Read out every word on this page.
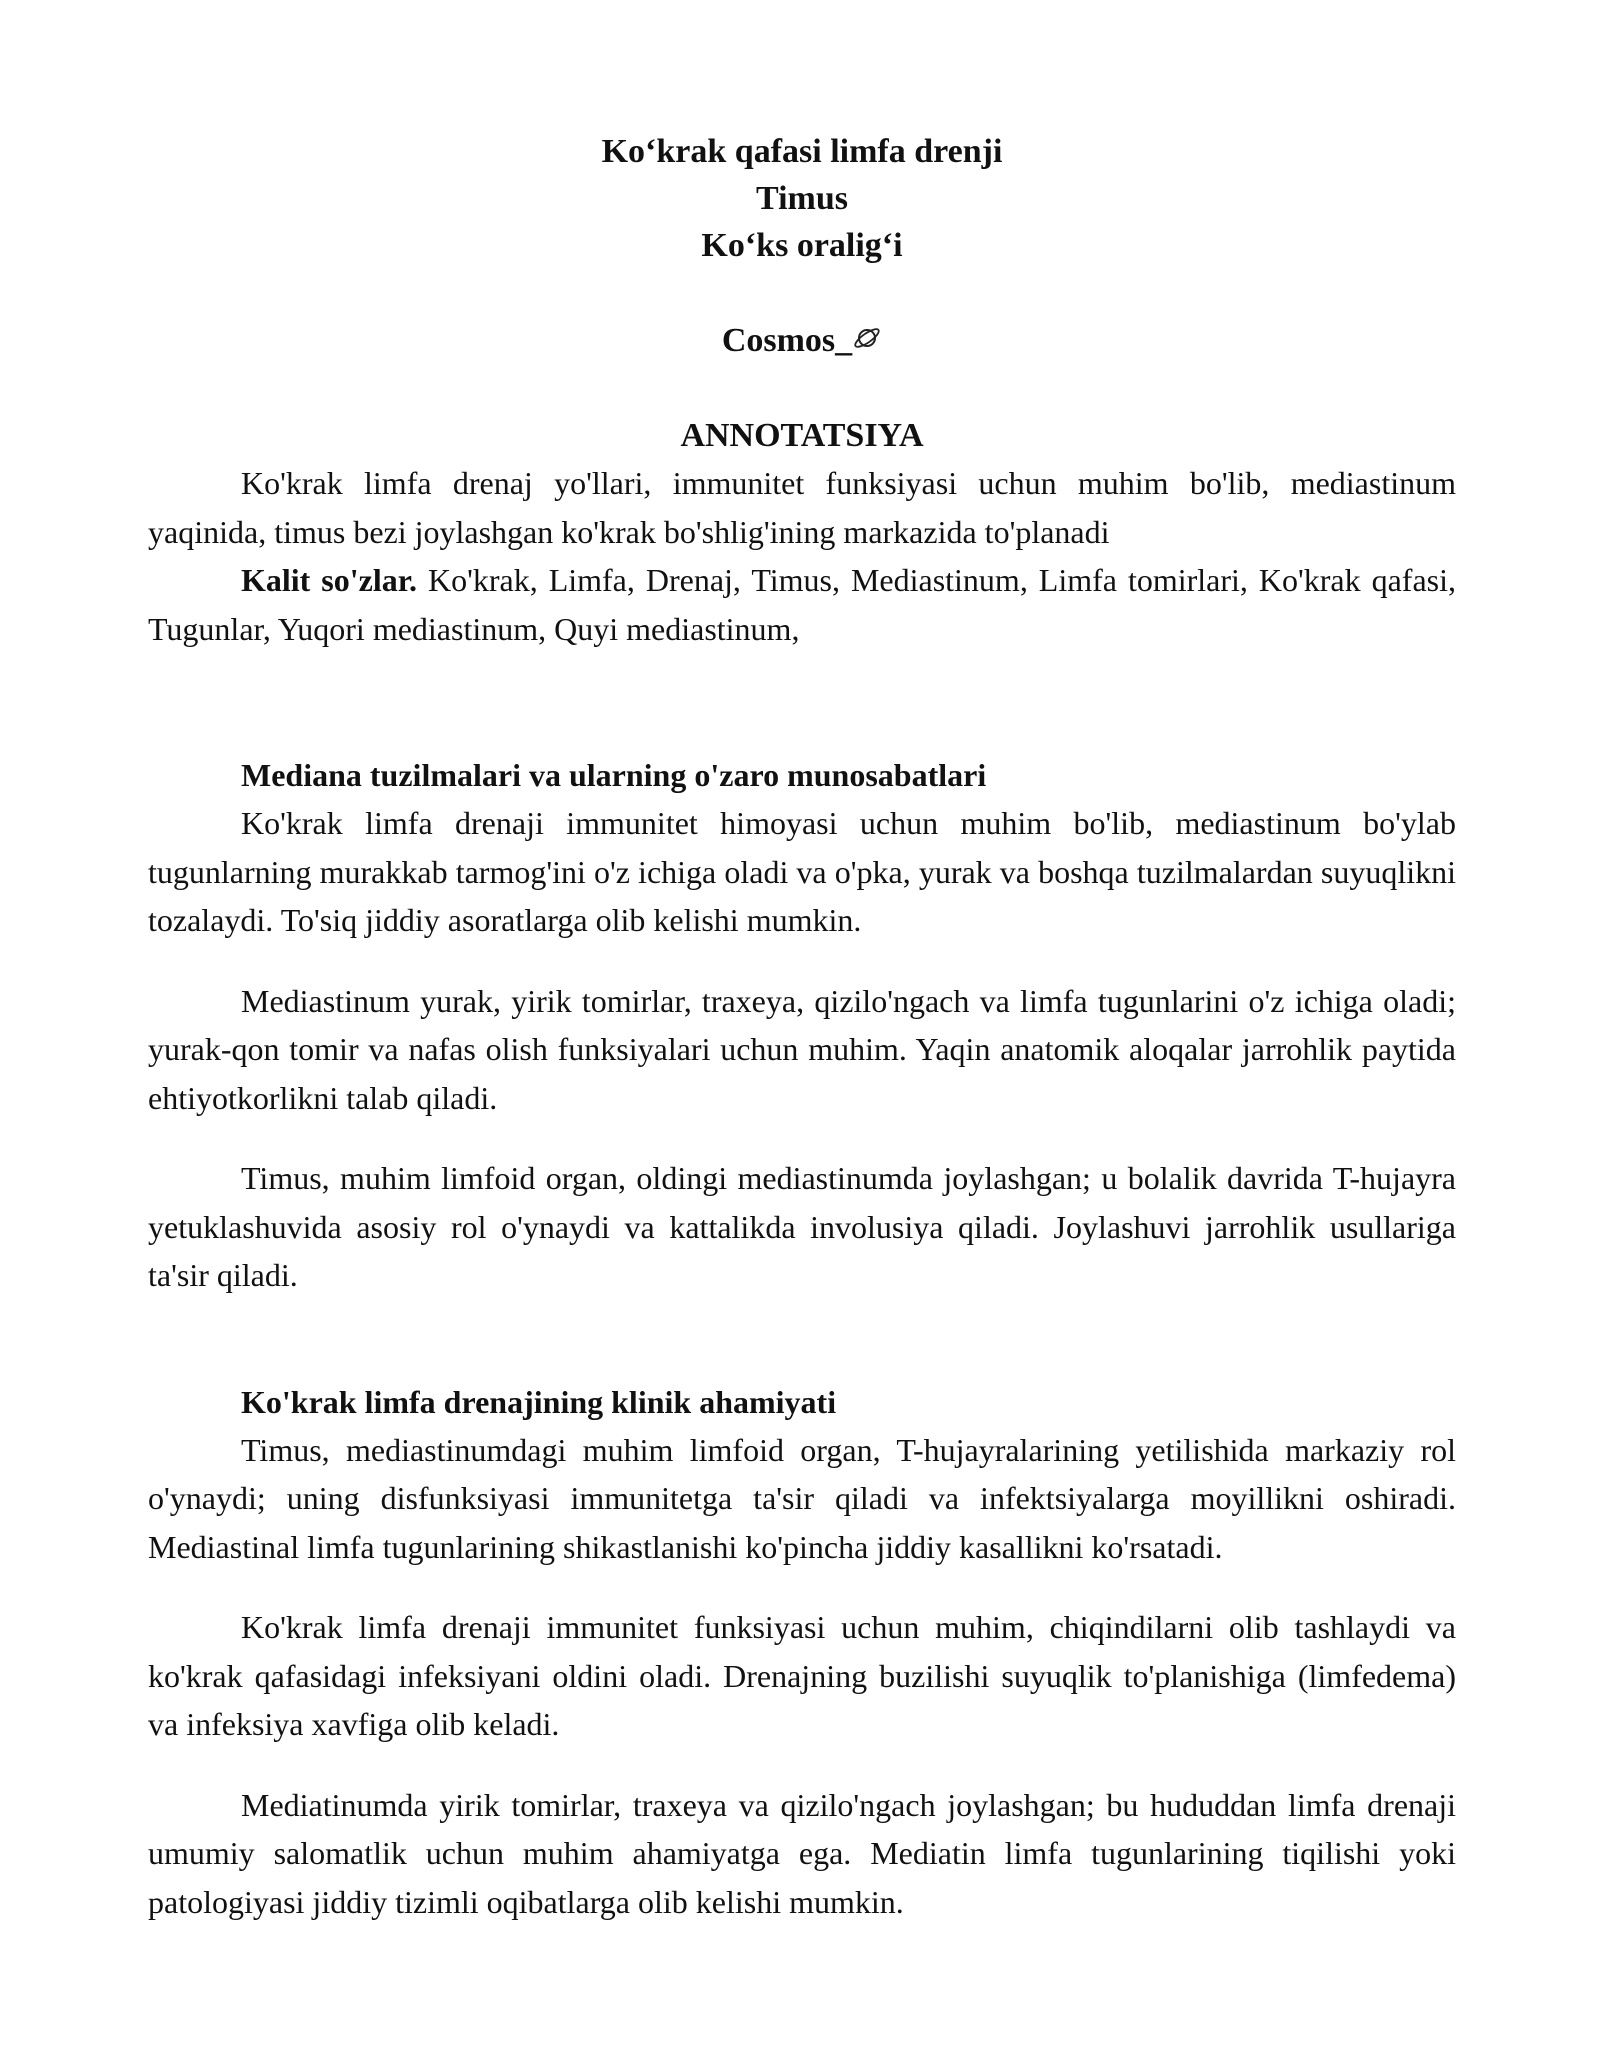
Ko‘krak qafasi limfa drenji
Timus
Ko‘ks oralig‘i
Cosmos_
ANNOTATSIYA

Ko'krak limfa drenaj yo'llari, immunitet funksiyasi uchun muhim bo'lib, mediastinum yaqinida, timus bezi joylashgan ko'krak bo'shlig'ining markazida to'planadi

Kalit so'zlar. Ko'krak, Limfa, Drenaj, Timus, Mediastinum, Limfa tomirlari, Ko'krak qafasi, Tugunlar, Yuqori mediastinum, Quyi mediastinum,

Mediana tuzilmalari va ularning o'zaro munosabatlari

Ko'krak limfa drenaji immunitet himoyasi uchun muhim bo'lib, mediastinum bo'ylab tugunlarning murakkab tarmog'ini o'z ichiga oladi va o'pka, yurak va boshqa tuzilmalardan suyuqlikni tozalaydi. To'siq jiddiy asoratlarga olib kelishi mumkin.

Mediastinum yurak, yirik tomirlar, traxeya, qizilo'ngach va limfa tugunlarini o'z ichiga oladi; yurak-qon tomir va nafas olish funksiyalari uchun muhim. Yaqin anatomik aloqalar jarrohlik paytida ehtiyotkorlikni talab qiladi.

Timus, muhim limfoid organ, oldingi mediastinumda joylashgan; u bolalik davrida T-hujayra yetuklashuvida asosiy rol o'ynaydi va kattalikda involusiya qiladi. Joylashuvi jarrohlik usullariga ta'sir qiladi.

Ko'krak limfa drenajining klinik ahamiyati

Timus, mediastinumdagi muhim limfoid organ, T-hujayralarining yetilishida markaziy rol o'ynaydi; uning disfunksiyasi immunitetga ta'sir qiladi va infektsiyalarga moyillikni oshiradi. Mediastinal limfa tugunlarining shikastlanishi ko'pincha jiddiy kasallikni ko'rsatadi.

Ko'krak limfa drenaji immunitet funksiyasi uchun muhim, chiqindilarni olib tashlaydi va ko'krak qafasidagi infeksiyani oldini oladi. Drenajning buzilishi suyuqlik to'planishiga (limfedema) va infeksiya xavfiga olib keladi.

Mediatinumda yirik tomirlar, traxeya va qizilo'ngach joylashgan; bu hududdan limfa drenaji umumiy salomatlik uchun muhim ahamiyatga ega. Mediatin limfa tugunlarining tiqilishi yoki patologiyasi jiddiy tizimli oqibatlarga olib kelishi mumkin.
